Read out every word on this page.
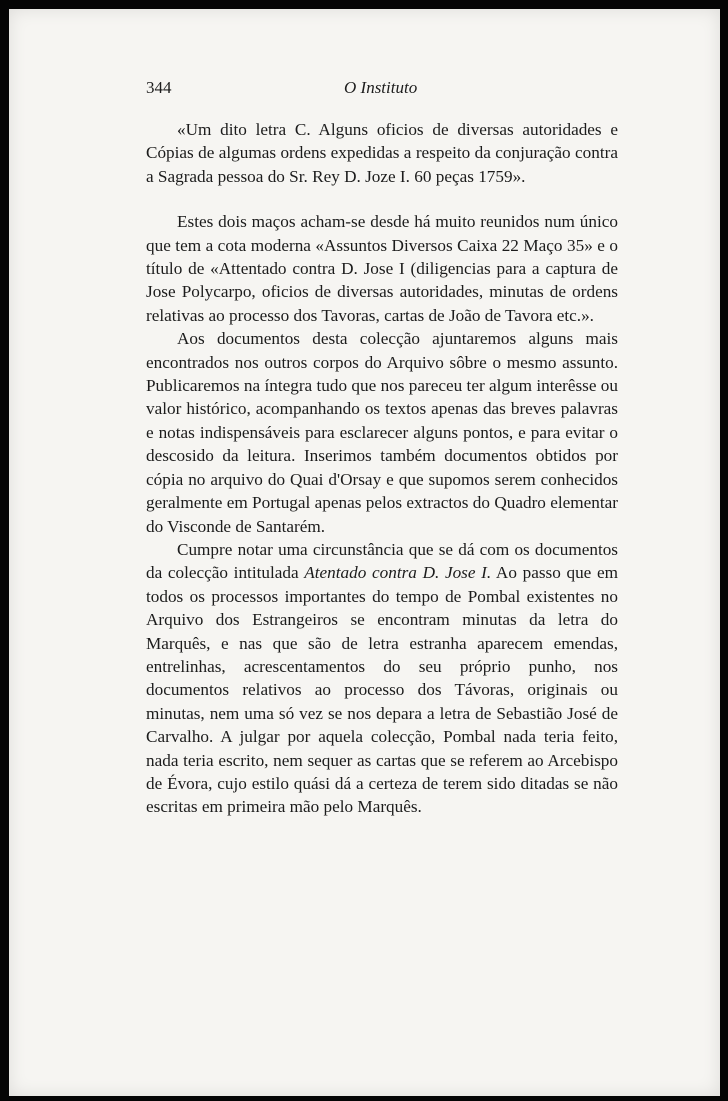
344	O Instituto

«Um dito letra C. Alguns oficios de diversas autoridades e Cópias de algumas ordens expedidas a respeito da conjuração contra a Sagrada pessoa do Sr. Rey D. Joze I. 60 peças 1759».

Estes dois maços acham-se desde há muito reunidos num único que tem a cota moderna «Assuntos Diversos Caixa 22 Maço 35» e o título de «Attentado contra D. Jose I (diligencias para a captura de Jose Polycarpo, oficios de diversas autoridades, minutas de ordens relativas ao processo dos Tavoras, cartas de João de Tavora etc.».

Aos documentos desta colecção ajuntaremos alguns mais encontrados nos outros corpos do Arquivo sôbre o mesmo assunto. Publicaremos na íntegra tudo que nos pareceu ter algum interêsse ou valor histórico, acompanhando os textos apenas das breves palavras e notas indispensáveis para esclarecer alguns pontos, e para evitar o descosido da leitura. Inserimos também documentos obtidos por cópia no arquivo do Quai d'Orsay e que supomos serem conhecidos geralmente em Portugal apenas pelos extractos do Quadro elementar do Visconde de Santarém.

Cumpre notar uma circunstância que se dá com os documentos da colecção intitulada Atentado contra D. Jose I. Ao passo que em todos os processos importantes do tempo de Pombal existentes no Arquivo dos Estrangeiros se encontram minutas da letra do Marquês, e nas que são de letra estranha aparecem emendas, entrelinhas, acrescentamentos do seu próprio punho, nos documentos relativos ao processo dos Távoras, originais ou minutas, nem uma só vez se nos depara a letra de Sebastião José de Carvalho. A julgar por aquela colecção, Pombal nada teria feito, nada teria escrito, nem sequer as cartas que se referem ao Arcebispo de Évora, cujo estilo quási dá a certeza de terem sido ditadas se não escritas em primeira mão pelo Marquês.
